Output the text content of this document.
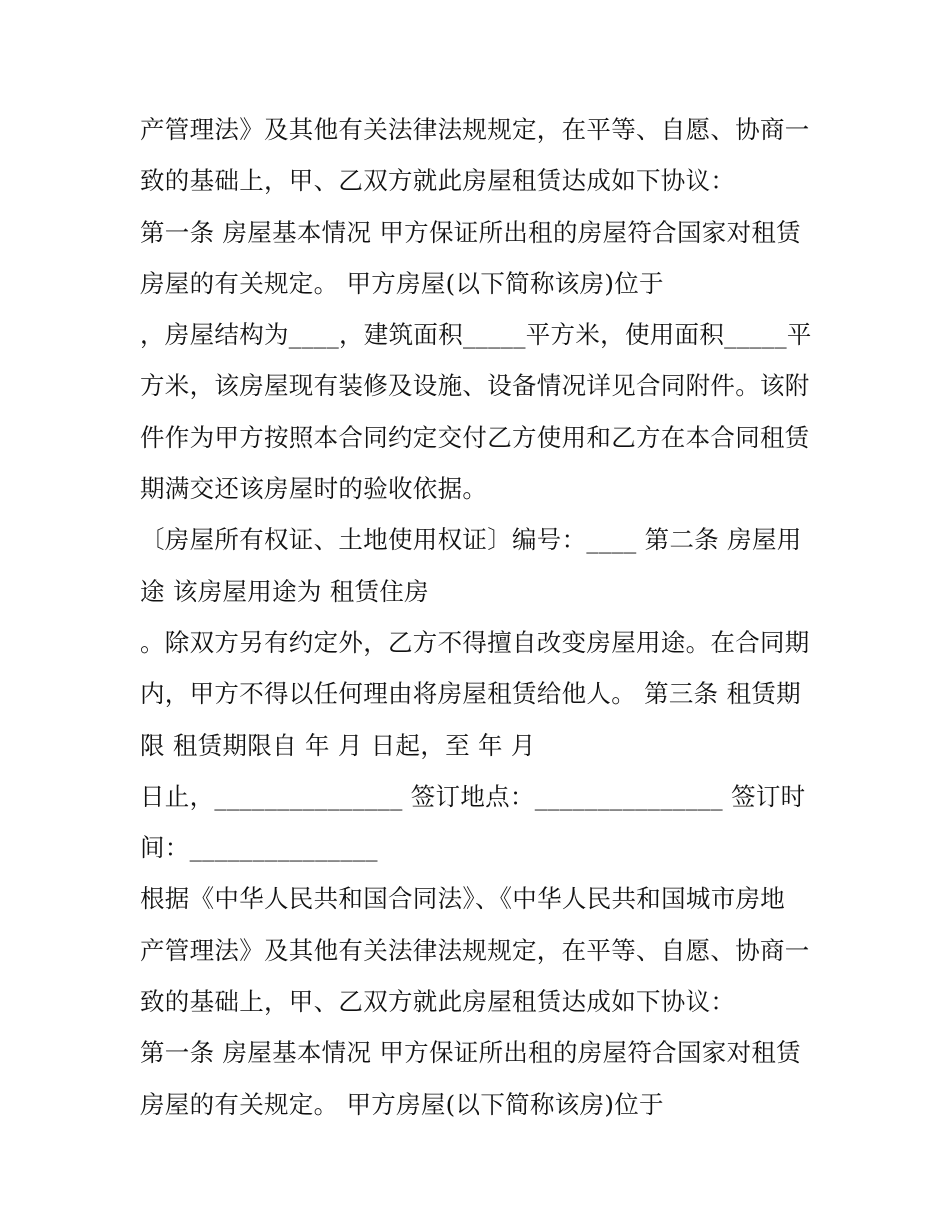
产管理法》及其他有关法律法规规定，在平等、自愿、协商一
致的基础上，甲、乙双方就此房屋租赁达成如下协议：
第一条 房屋基本情况 甲方保证所出租的房屋符合国家对租赁
房屋的有关规定。 甲方房屋(以下简称该房)位于
，房屋结构为____，建筑面积_____平方米，使用面积_____平
方米，该房屋现有装修及设施、设备情况详见合同附件。该附
件作为甲方按照本合同约定交付乙方使用和乙方在本合同租赁
期满交还该房屋时的验收依据。
〔房屋所有权证、土地使用权证〕编号：____ 第二条 房屋用
途 该房屋用途为 租赁住房
。除双方另有约定外，乙方不得擅自改变房屋用途。在合同期
内，甲方不得以任何理由将房屋租赁给他人。 第三条 租赁期
限 租赁期限自 年 月 日起，至 年 月
日止，_______________ 签订地点：_______________ 签订时
间：_______________
根据《中华人民共和国合同法》、《中华人民共和国城市房地
产管理法》及其他有关法律法规规定，在平等、自愿、协商一
致的基础上，甲、乙双方就此房屋租赁达成如下协议：
第一条 房屋基本情况 甲方保证所出租的房屋符合国家对租赁
房屋的有关规定。 甲方房屋(以下简称该房)位于
